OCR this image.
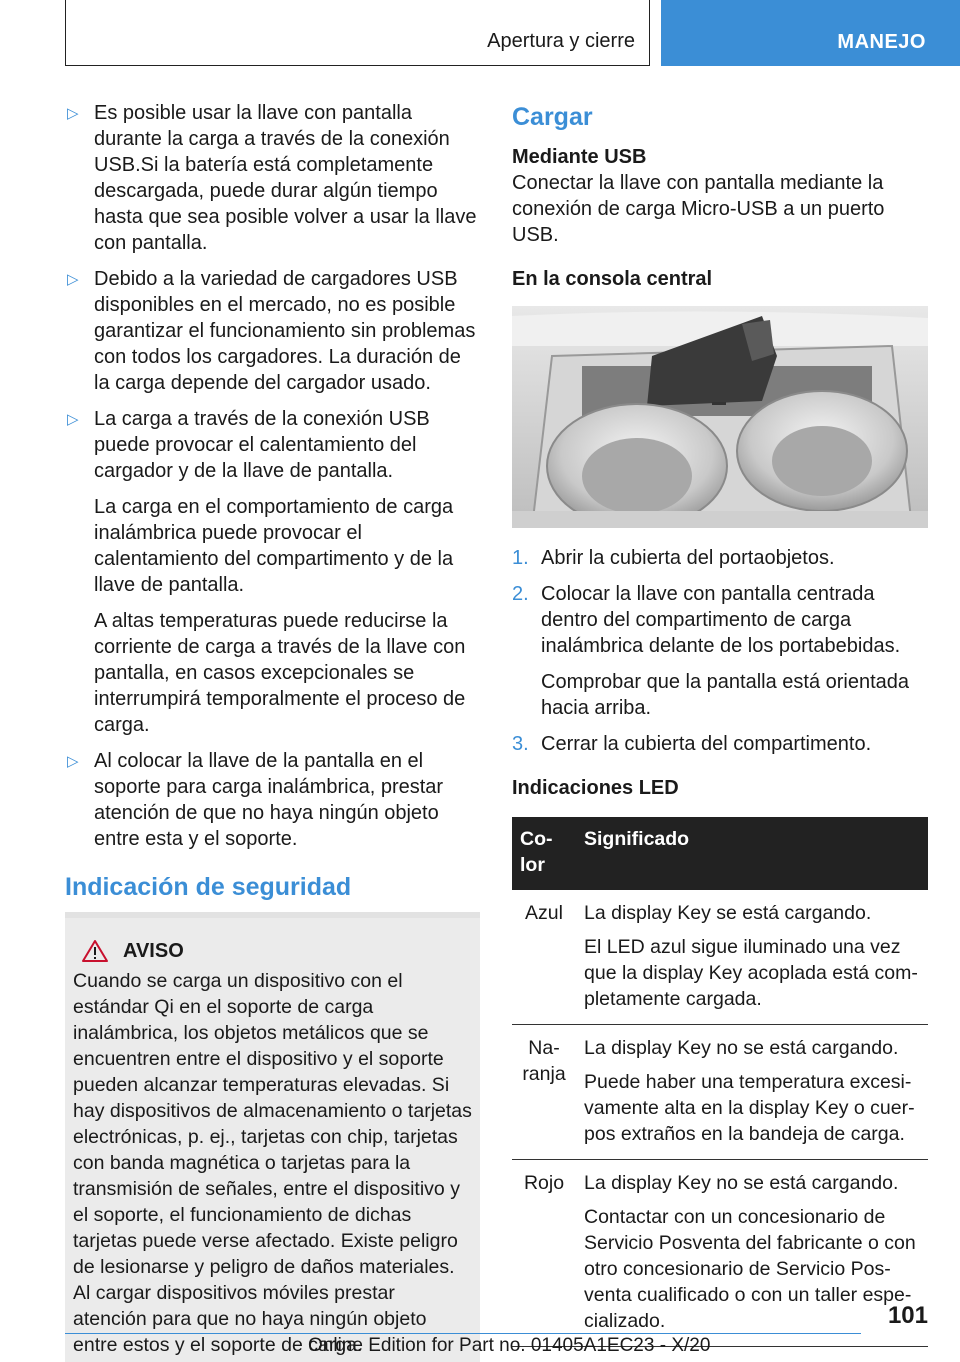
Apertura y cierre	MANEJO
▷ Es posible usar la llave con pantalla durante la carga a través de la conexión USB.Si la batería está completamente descargada, puede durar algún tiempo hasta que sea posible volver a usar la llave con pantalla.

▷ Debido a la variedad de cargadores USB disponibles en el mercado, no es posible garantizar el funcionamiento sin problemas con todos los cargadores. La duración de la carga depende del cargador usado.

▷ La carga a través de la conexión USB puede provocar el calentamiento del cargador y de la llave de pantalla.

La carga en el comportamiento de carga inalámbrica puede provocar el calentamiento del compartimento y de la llave de pantalla.

A altas temperaturas puede reducirse la corriente de carga a través de la llave con pantalla, en casos excepcionales se interrumpirá temporalmente el proceso de carga.

▷ Al colocar la llave de la pantalla en el soporte para carga inalámbrica, prestar atención de que no haya ningún objeto entre esta y el soporte.

Indicación de seguridad
AVISO
Cuando se carga un dispositivo con el estándar Qi en el soporte de carga inalámbrica, los objetos metálicos que se encuentren entre el dispositivo y el soporte pueden alcanzar temperaturas elevadas. Si hay dispositivos de almacenamiento o tarjetas electrónicas, p. ej., tarjetas con chip, tarjetas con banda magnética o tarjetas para la transmisión de señales, entre el dispositivo y el soporte, el funcionamiento de dichas tarjetas puede verse afectado. Existe peligro de lesionarse y peligro de daños materiales. Al cargar dispositivos móviles prestar atención para que no haya ningún objeto entre estos y el soporte de carga.
Cargar
Mediante USB
Conectar la llave con pantalla mediante la conexión de carga Micro-USB a un puerto USB.
En la consola central
1. Abrir la cubierta del portaobjetos.

2. Colocar la llave con pantalla centrada dentro del compartimento de carga inalámbrica delante de los portabebidas.

Comprobar que la pantalla está orientada hacia arriba.

3. Cerrar la cubierta del compartimento.

Indicaciones LED
Color	Significado
Azul	La display Key se está cargando.

El LED azul sigue iluminado una vez que la display Key acoplada está completamente cargada.

Naranja	La display Key no se está cargando.

Puede haber una temperatura excesivamente alta en la display Key o cuerpos extraños en la bandeja de carga.

Rojo	La display Key no se está cargando.

Contactar con un concesionario de Servicio Posventa del fabricante o con otro concesionario de Servicio Posventa cualificado o con un taller especializado.	101
Online Edition for Part no. 01405A1EC23 - X/20
